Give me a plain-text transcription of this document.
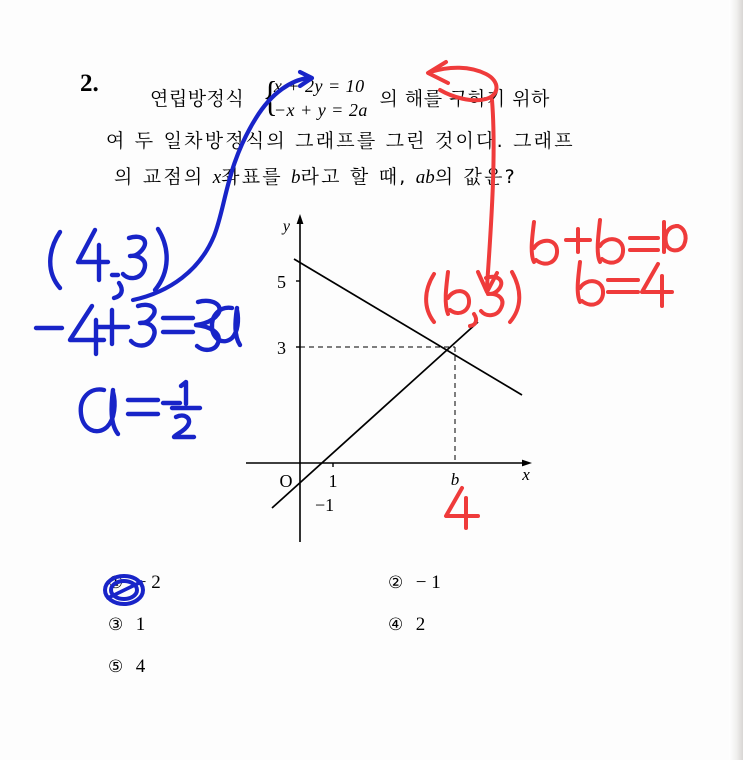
2.
연립방정식 {
x + 2y = 10
−x + y = 2a 의 해를 구하기 위하
여 두 일차방정식의 그래프를 그린 것이다. 그래프
의 교점의 x좌표를 b라고 할 때, ab의 값은?
y
x
O
5
3
−1
1	b
① − 2	② − 1
③ 1	④ 2
⑤ 4
